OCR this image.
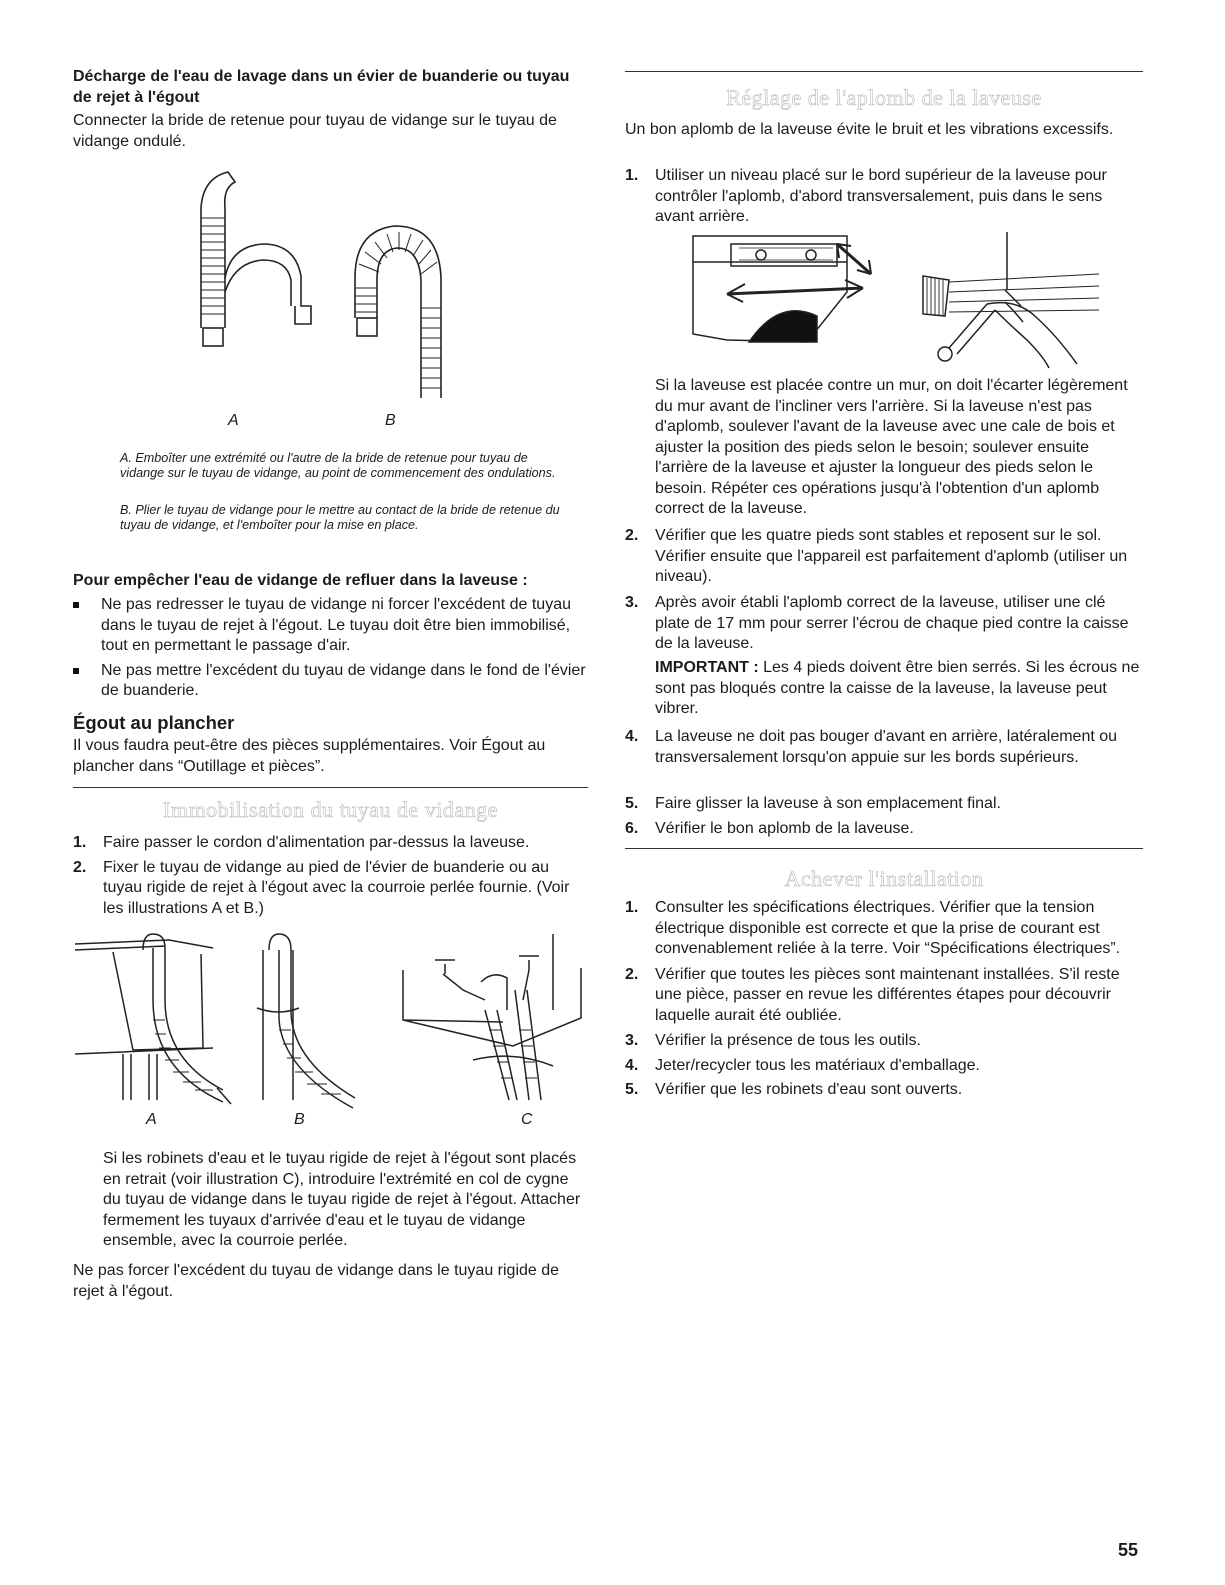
Décharge de l'eau de lavage dans un évier de buanderie ou tuyau de rejet à l'égout

Connecter la bride de retenue pour tuyau de vidange sur le tuyau de vidange ondulé.

A	B
A. Emboîter une extrémité ou l'autre de la bride de retenue pour tuyau de vidange sur le tuyau de vidange, au point de commencement des ondulations.
B. Plier le tuyau de vidange pour le mettre au contact de la bride de retenue du tuyau de vidange, et l'emboîter pour la mise en place.
Pour empêcher l'eau de vidange de refluer dans la laveuse :
Ne pas redresser le tuyau de vidange ni forcer l'excédent de tuyau dans le tuyau de rejet à l'égout. Le tuyau doit être bien immobilisé, tout en permettant le passage d'air.
Ne pas mettre l'excédent du tuyau de vidange dans le fond de l'évier de buanderie.
Égout au plancher

Il vous faudra peut-être des pièces supplémentaires. Voir Égout au plancher dans “Outillage et pièces”.

Immobilisation du tuyau de vidange
1. Faire passer le cordon d'alimentation par-dessus la laveuse.
2. Fixer le tuyau de vidange au pied de l'évier de buanderie ou au tuyau rigide de rejet à l'égout avec la courroie perlée fournie. (Voir les illustrations A et B.)
A	B	C

Si les robinets d'eau et le tuyau rigide de rejet à l'égout sont placés en retrait (voir illustration C), introduire l'extrémité en col de cygne du tuyau de vidange dans le tuyau rigide de rejet à l'égout. Attacher fermement les tuyaux d'arrivée d'eau et le tuyau de vidange ensemble, avec la courroie perlée.

Ne pas forcer l'excédent du tuyau de vidange dans le tuyau rigide de rejet à l'égout.

Réglage de l'aplomb de la laveuse

Un bon aplomb de la laveuse évite le bruit et les vibrations excessifs.

1.	Utiliser un niveau placé sur le bord supérieur de la laveuse pour contrôler l'aplomb, d'abord transversalement, puis dans le sens avant arrière.

Si la laveuse est placée contre un mur, on doit l'écarter légèrement du mur avant de l'incliner vers l'arrière. Si la laveuse n'est pas d'aplomb, soulever l'avant de la laveuse avec une cale de bois et ajuster la position des pieds selon le besoin; soulever ensuite l'arrière de la laveuse et ajuster la longueur des pieds selon le besoin. Répéter ces opérations jusqu'à l'obtention d'un aplomb correct de la laveuse.

2.	Vérifier que les quatre pieds sont stables et reposent sur le sol. Vérifier ensuite que l'appareil est parfaitement d'aplomb (utiliser un niveau).
3.	Après avoir établi l'aplomb correct de la laveuse, utiliser une clé plate de 17 mm pour serrer l'écrou de chaque pied contre la caisse de la laveuse.

IMPORTANT : Les 4 pieds doivent être bien serrés. Si les écrous ne sont pas bloqués contre la caisse de la laveuse, la laveuse peut vibrer.

4.	La laveuse ne doit pas bouger d'avant en arrière, latéralement ou transversalement lorsqu'on appuie sur les bords supérieurs.
5.	Faire glisser la laveuse à son emplacement final.
6.	Vérifier le bon aplomb de la laveuse.
Achever l'installation
1. Consulter les spécifications électriques. Vérifier que la tension électrique disponible est correcte et que la prise de courant est convenablement reliée à la terre. Voir “Spécifications électriques”.
2. Vérifier que toutes les pièces sont maintenant installées. S'il reste une pièce, passer en revue les différentes étapes pour découvrir laquelle aurait été oubliée.
3. Vérifier la présence de tous les outils.
4. Jeter/recycler tous les matériaux d'emballage.
5. Vérifier que les robinets d'eau sont ouverts.
55
